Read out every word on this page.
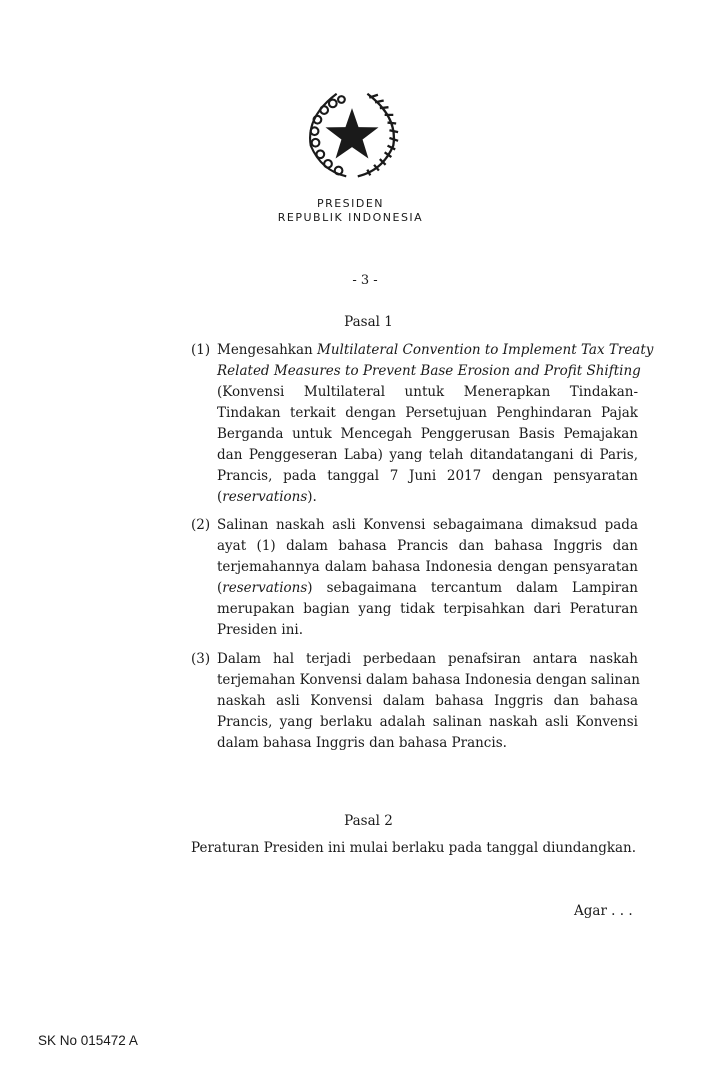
PRESIDEN
REPUBLIK INDONESIA
- 3 -
Pasal 1
(1) Mengesahkan Multilateral Convention to Implement Tax Treaty
Related Measures to Prevent Base Erosion and Profit Shifting
(Konvensi Multilateral untuk Menerapkan Tindakan-
Tindakan terkait dengan Persetujuan Penghindaran Pajak
Berganda untuk Mencegah Penggerusan Basis Pemajakan
dan Penggeseran Laba) yang telah ditandatangani di Paris,
Prancis, pada tanggal 7 Juni 2017 dengan pensyaratan
(reservations).
(2) Salinan naskah asli Konvensi sebagaimana dimaksud pada
ayat (1) dalam bahasa Prancis dan bahasa Inggris dan
terjemahannya dalam bahasa Indonesia dengan pensyaratan
(reservations) sebagaimana tercantum dalam Lampiran
merupakan bagian yang tidak terpisahkan dari Peraturan
Presiden ini.
(3) Dalam hal terjadi perbedaan penafsiran antara naskah
terjemahan Konvensi dalam bahasa Indonesia dengan salinan
naskah asli Konvensi dalam bahasa Inggris dan bahasa
Prancis, yang berlaku adalah salinan naskah asli Konvensi
dalam bahasa Inggris dan bahasa Prancis.
Pasal 2
Peraturan Presiden ini mulai berlaku pada tanggal diundangkan.
Agar . . .
SK No 015472 A
